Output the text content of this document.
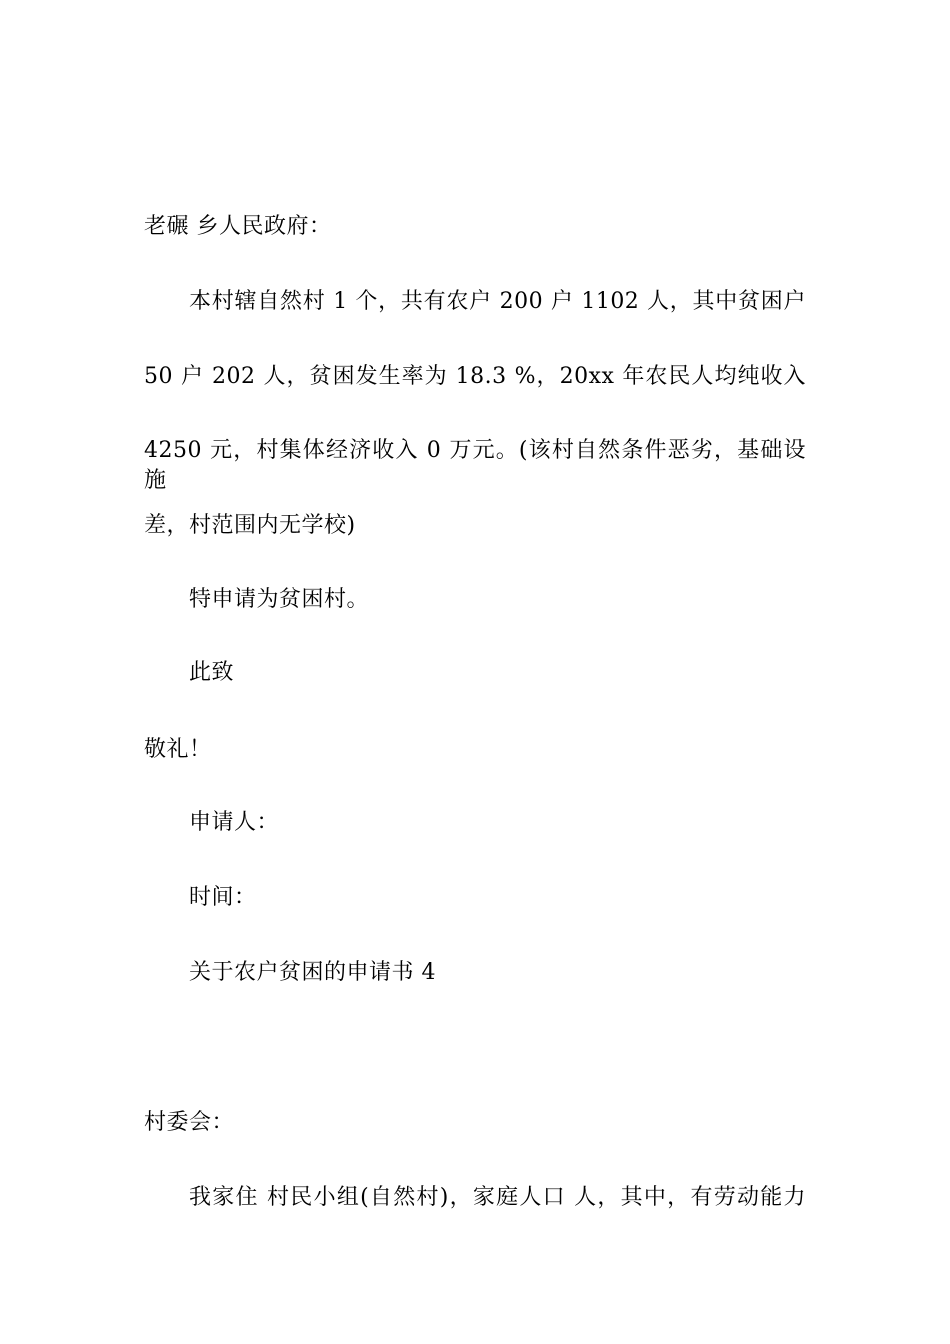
老碾 乡人民政府：
本村辖自然村 1 个，共有农户 200 户 1102 人，其中贫困户
50 户 202 人，贫困发生率为 18.3 %，20xx 年农民人均纯收入
4250 元，村集体经济收入 0 万元。(该村自然条件恶劣，基础设施
差，村范围内无学校)
特申请为贫困村。
此致
敬礼！
申请人：
时间：
关于农户贫困的申请书 4
村委会：
我家住 村民小组(自然村)，家庭人口 人，其中，有劳动能力
